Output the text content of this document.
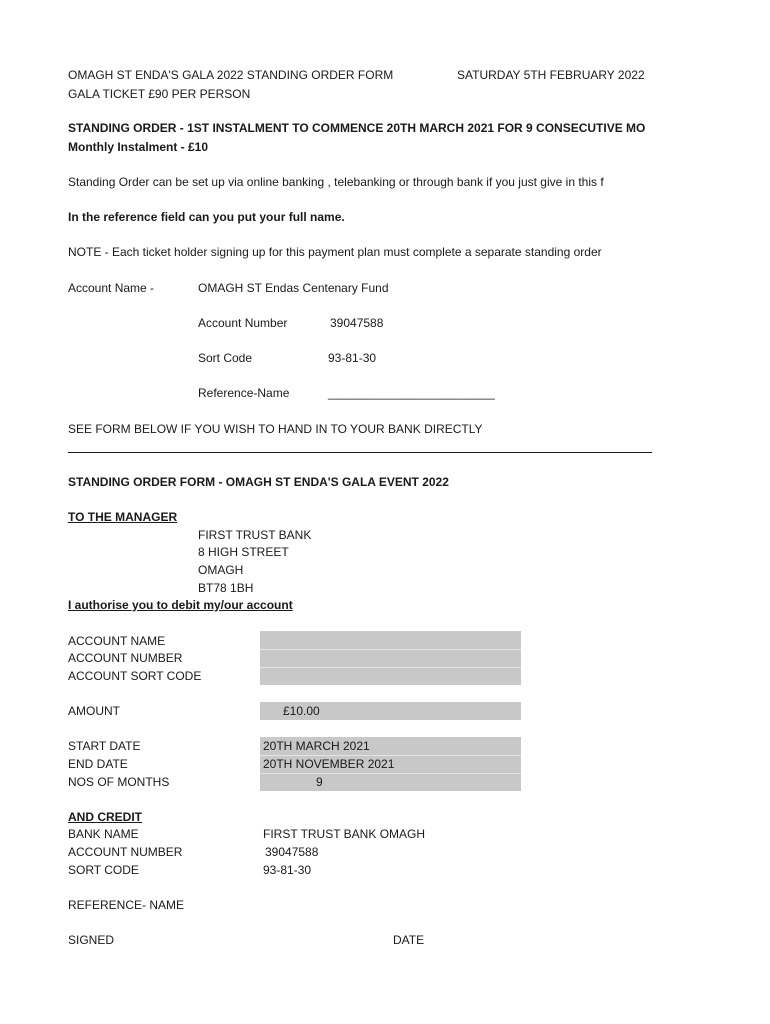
OMAGH ST ENDA'S GALA 2022 STANDING ORDER FORM	SATURDAY 5TH FEBRUARY 2022
GALA TICKET £90 PER PERSON
STANDING ORDER - 1ST INSTALMENT TO COMMENCE 20TH MARCH 2021 FOR 9 CONSECUTIVE MO
Monthly Instalment - £10
Standing Order can be set up via online banking , telebanking or through bank if you just give in this f
In the reference field can you put your full name.
NOTE - Each ticket holder signing up for this payment plan must complete a separate standing order
Account Name -	OMAGH ST Endas Centenary Fund
Account Number	39047588
Sort Code	93-81-30
Reference-Name	_________________________
SEE FORM BELOW IF YOU WISH TO HAND IN TO YOUR BANK DIRECTLY
STANDING ORDER FORM - OMAGH ST ENDA'S GALA EVENT 2022
TO THE MANAGER
FIRST TRUST BANK
8 HIGH STREET
OMAGH
BT78 1BH
I authorise you to debit my/our account
ACCOUNT NAME
ACCOUNT NUMBER
ACCOUNT SORT CODE
AMOUNT	£10.00
START DATE	20TH MARCH 2021
END DATE	20TH NOVEMBER 2021
NOS OF MONTHS	9
AND CREDIT
BANK NAME	FIRST TRUST BANK OMAGH
ACCOUNT NUMBER	39047588
SORT CODE	93-81-30
REFERENCE- NAME
SIGNED	DATE
